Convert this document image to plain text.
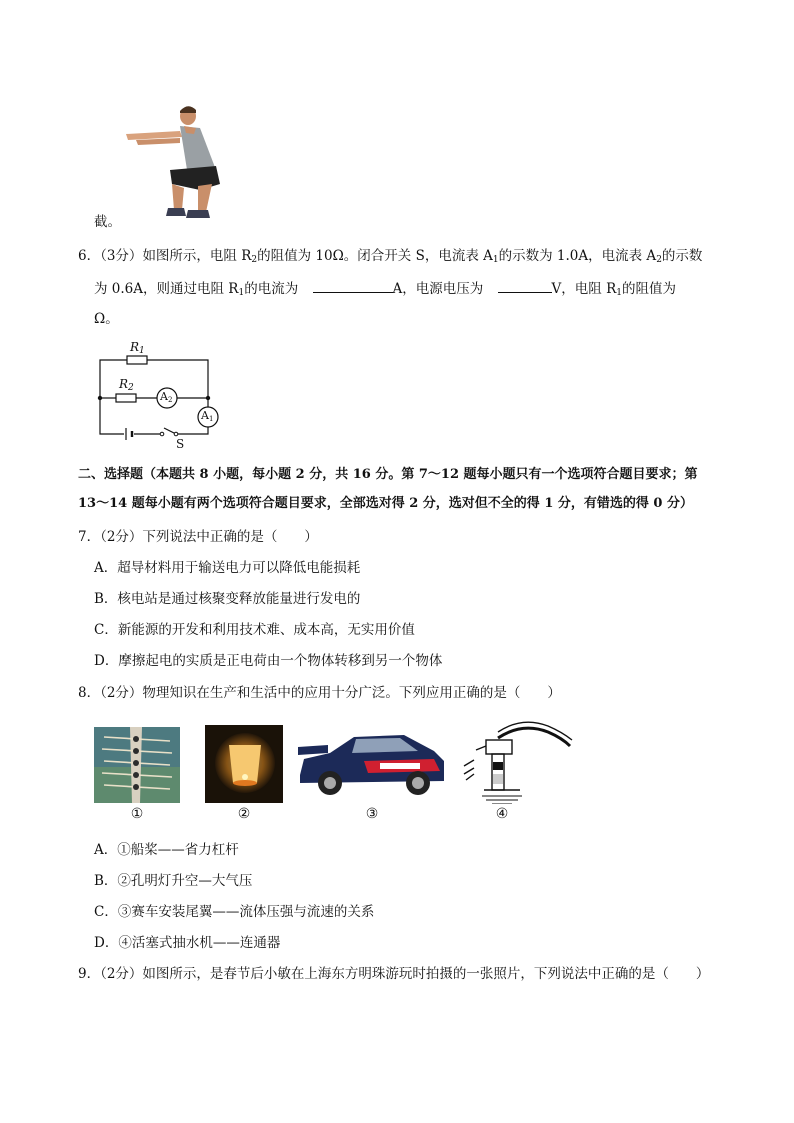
截。
6．（3分）如图所示，电阻 $R_2$的阻值为 10Ω。闭合开关 S，电流表 $A_1$的示数为 1.0A，电流表 $A_2$的示数
为 0.6A，则通过电阻 $R_1$的电流为	A，电源电压为	V，电阻 $R_1$的阻值为
Ω。
$R_1$
$R_2$
$A_2$
$A_1$
S
二、选择题（本题共 8 小题，每小题 2 分，共 16 分。第 7～12 题每小题只有一个选项符合题目要求；第
13～14 题每小题有两个选项符合题目要求，全部选对得 2 分，选对但不全的得 1 分，有错选的得 0 分）
7．（2分）下列说法中正确的是（　　）
A．超导材料用于输送电力可以降低电能损耗
B．核电站是通过核聚变释放能量进行发电的
C．新能源的开发和利用技术难、成本高，无实用价值
D．摩擦起电的实质是正电荷由一个物体转移到另一个物体
8．（2分）物理知识在生产和生活中的应用十分广泛。下列应用正确的是（　　）
①	②	③	④
A．①船桨——省力杠杆
B．②孔明灯升空—大气压
C．③赛车安装尾翼——流体压强与流速的关系
D．④活塞式抽水机——连通器
9．（2分）如图所示，是春节后小敏在上海东方明珠游玩时拍摄的一张照片，下列说法中正确的是（　　）
